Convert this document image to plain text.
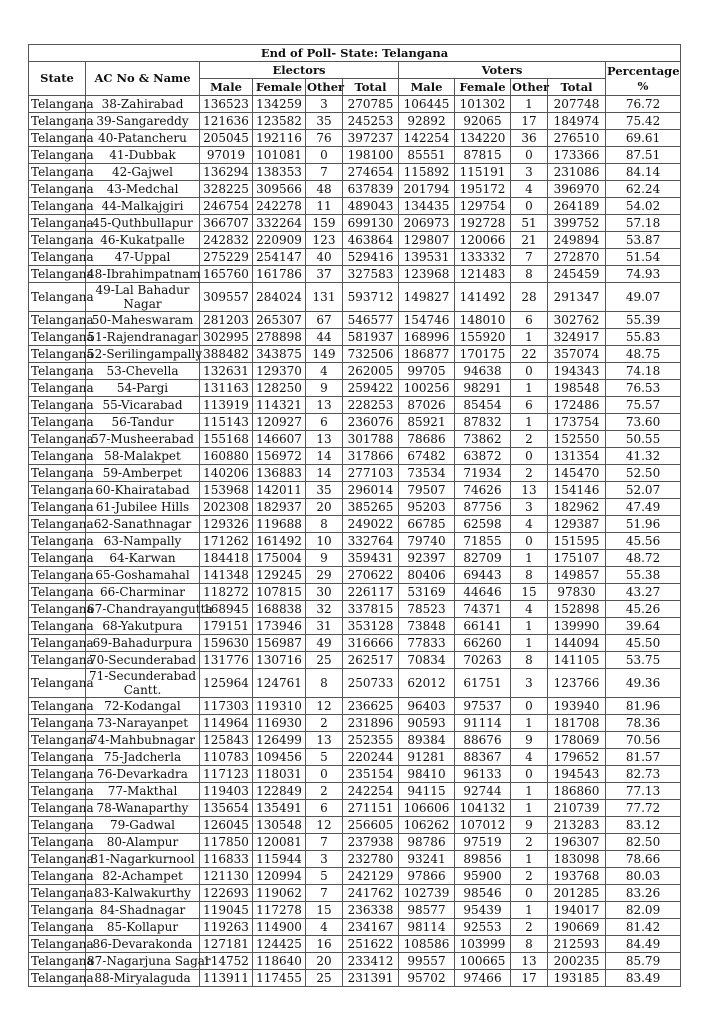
End of Poll- State: Telangana										
State	AC No & Name	Electors				Voters				Percentage
%

		Male	Female	Other	Total	Male	Female	Other	Total	
Telangana	38-Zahirabad	136523	134259	3	270785	106445	101302	1	207748	76.72
Telangana	39-Sangareddy	121636	123582	35	245253	92892	92065	17	184974	75.42
Telangana	40-Patancheru	205045	192116	76	397237	142254	134220	36	276510	69.61
Telangana	41-Dubbak	97019	101081	0	198100	85551	87815	0	173366	87.51
Telangana	42-Gajwel	136294	138353	7	274654	115892	115191	3	231086	84.14
Telangana	43-Medchal	328225	309566	48	637839	201794	195172	4	396970	62.24
Telangana	44-Malkajgiri	246754	242278	11	489043	134435	129754	0	264189	54.02
Telangana	45-Quthbullapur	366707	332264	159	699130	206973	192728	51	399752	57.18
Telangana	46-Kukatpalle	242832	220909	123	463864	129807	120066	21	249894	53.87
Telangana	47-Uppal	275229	254147	40	529416	139531	133332	7	272870	51.54
Telangana	48-Ibrahimpatnam	165760	161786	37	327583	123968	121483	8	245459	74.93
Telangana	49-Lal Bahadur Nagar	309557	284024	131	593712	149827	141492	28	291347	49.07
Telangana	50-Maheswaram	281203	265307	67	546577	154746	148010	6	302762	55.39
Telangana	51-Rajendranagar	302995	278898	44	581937	168996	155920	1	324917	55.83
Telangana	52-Serilingampally	388482	343875	149	732506	186877	170175	22	357074	48.75
Telangana	53-Chevella	132631	129370	4	262005	99705	94638	0	194343	74.18
Telangana	54-Pargi	131163	128250	9	259422	100256	98291	1	198548	76.53
Telangana	55-Vicarabad	113919	114321	13	228253	87026	85454	6	172486	75.57
Telangana	56-Tandur	115143	120927	6	236076	85921	87832	1	173754	73.60
Telangana	57-Musheerabad	155168	146607	13	301788	78686	73862	2	152550	50.55
Telangana	58-Malakpet	160880	156972	14	317866	67482	63872	0	131354	41.32
Telangana	59-Amberpet	140206	136883	14	277103	73534	71934	2	145470	52.50
Telangana	60-Khairatabad	153968	142011	35	296014	79507	74626	13	154146	52.07
Telangana	61-Jubilee Hills	202308	182937	20	385265	95203	87756	3	182962	47.49
Telangana	62-Sanathnagar	129326	119688	8	249022	66785	62598	4	129387	51.96
Telangana	63-Nampally	171262	161492	10	332764	79740	71855	0	151595	45.56
Telangana	64-Karwan	184418	175004	9	359431	92397	82709	1	175107	48.72
Telangana	65-Goshamahal	141348	129245	29	270622	80406	69443	8	149857	55.38
Telangana	66-Charminar	118272	107815	30	226117	53169	44646	15	97830	43.27
Telangana	67-Chandrayangutta	168945	168838	32	337815	78523	74371	4	152898	45.26
Telangana	68-Yakutpura	179151	173946	31	353128	73848	66141	1	139990	39.64
Telangana	69-Bahadurpura	159630	156987	49	316666	77833	66260	1	144094	45.50
Telangana	70-Secunderabad	131776	130716	25	262517	70834	70263	8	141105	53.75
Telangana	71-Secunderabad Cantt.	125964	124761	8	250733	62012	61751	3	123766	49.36
Telangana	72-Kodangal	117303	119310	12	236625	96403	97537	0	193940	81.96
Telangana	73-Narayanpet	114964	116930	2	231896	90593	91114	1	181708	78.36
Telangana	74-Mahbubnagar	125843	126499	13	252355	89384	88676	9	178069	70.56
Telangana	75-Jadcherla	110783	109456	5	220244	91281	88367	4	179652	81.57
Telangana	76-Devarkadra	117123	118031	0	235154	98410	96133	0	194543	82.73
Telangana	77-Makthal	119403	122849	2	242254	94115	92744	1	186860	77.13
Telangana	78-Wanaparthy	135654	135491	6	271151	106606	104132	1	210739	77.72
Telangana	79-Gadwal	126045	130548	12	256605	106262	107012	9	213283	83.12
Telangana	80-Alampur	117850	120081	7	237938	98786	97519	2	196307	82.50
Telangana	81-Nagarkurnool	116833	115944	3	232780	93241	89856	1	183098	78.66
Telangana	82-Achampet	121130	120994	5	242129	97866	95900	2	193768	80.03
Telangana	83-Kalwakurthy	122693	119062	7	241762	102739	98546	0	201285	83.26
Telangana	84-Shadnagar	119045	117278	15	236338	98577	95439	1	194017	82.09
Telangana	85-Kollapur	119263	114900	4	234167	98114	92553	2	190669	81.42
Telangana	86-Devarakonda	127181	124425	16	251622	108586	103999	8	212593	84.49
Telangana	87-Nagarjuna Sagar	114752	118640	20	233412	99557	100665	13	200235	85.79
Telangana	88-Miryalaguda	113911	117455	25	231391	95702	97466	17	193185	83.49
